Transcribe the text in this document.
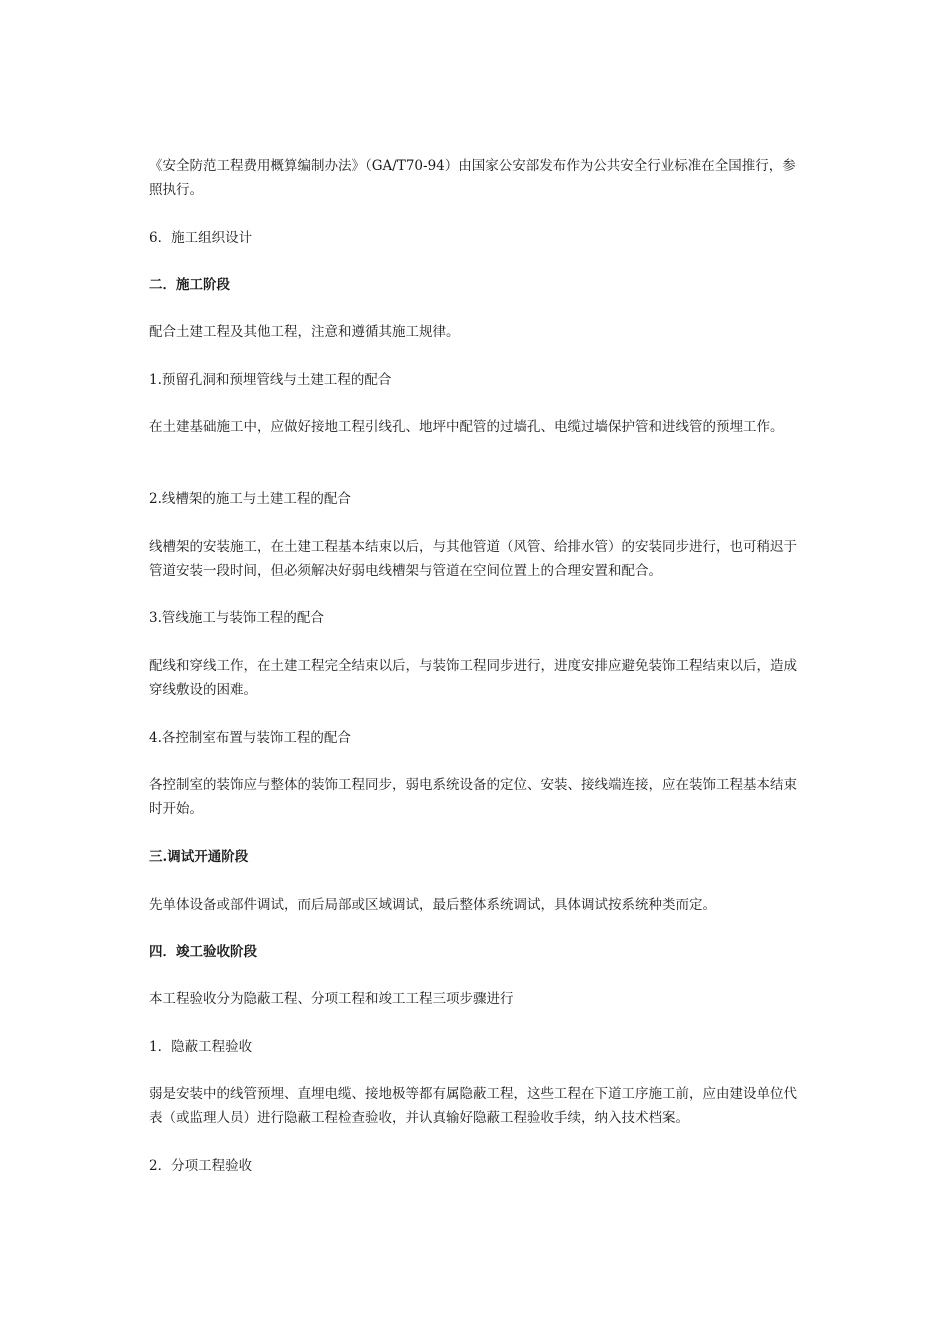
《安全防范工程费用概算编制办法》（GA/T70-94）由国家公安部发布作为公共安全行业标准在全国推行，参照执行。

6．施工组织设计

二．施工阶段

配合土建工程及其他工程，注意和遵循其施工规律。

1.预留孔洞和预埋管线与土建工程的配合

在土建基础施工中，应做好接地工程引线孔、地坪中配管的过墙孔、电缆过墙保护管和进线管的预埋工作。

2.线槽架的施工与土建工程的配合

线槽架的安装施工，在土建工程基本结束以后，与其他管道（风管、给排水管）的安装同步进行，也可稍迟于管道安装一段时间，但必须解决好弱电线槽架与管道在空间位置上的合理安置和配合。

3.管线施工与装饰工程的配合

配线和穿线工作，在土建工程完全结束以后，与装饰工程同步进行，进度安排应避免装饰工程结束以后，造成穿线敷设的困难。

4.各控制室布置与装饰工程的配合

各控制室的装饰应与整体的装饰工程同步，弱电系统设备的定位、安装、接线端连接，应在装饰工程基本结束时开始。

三.调试开通阶段

先单体设备或部件调试，而后局部或区域调试，最后整体系统调试，具体调试按系统种类而定。

四．竣工验收阶段

本工程验收分为隐蔽工程、分项工程和竣工工程三项步骤进行

1．隐蔽工程验收

弱是安装中的线管预埋、直埋电缆、接地极等都有属隐蔽工程，这些工程在下道工序施工前，应由建设单位代表（或监理人员）进行隐蔽工程检查验收，并认真输好隐蔽工程验收手续，纳入技术档案。

2．分项工程验收
